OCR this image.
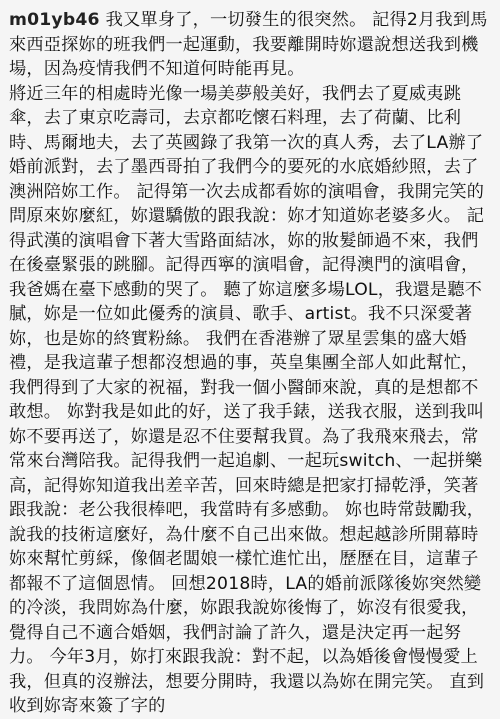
m01yb46 我又單身了，一切發生的很突然。 記得2月我到馬來西亞探妳的班我們一起運動，我要離開時妳還說想送我到機場，因為疫情我們不知道何時能再見。
將近三年的相處時光像一場美夢般美好，我們去了夏威夷跳傘，去了東京吃壽司，去京都吃懷石料理，去了荷蘭、比利時、馬爾地夫，去了英國錄了我第一次的真人秀，去了LA辦了婚前派對，去了墨西哥拍了我們今的要死的水底婚紗照，去了澳洲陪妳工作。 記得第一次去成都看妳的演唱會，我開完笑的問原來妳麼紅，妳還驕傲的跟我說：妳才知道妳老婆多火。 記得武漢的演唱會下著大雪路面結冰，妳的妝髮師過不來，我們在後臺緊張的跳腳。記得西寧的演唱會，記得澳門的演唱會，我爸媽在臺下感動的哭了。 聽了妳這麼多場LOL，我還是聽不膩，妳是一位如此優秀的演員、歌手、artist。我不只深愛著妳，也是妳的終實粉絲。 我們在香港辦了眾星雲集的盛大婚禮，是我這輩子想都沒想過的事，英皇集團全部人如此幫忙，我們得到了大家的祝福，對我一個小醫師來說，真的是想都不敢想。 妳對我是如此的好，送了我手錶，送我衣服，送到我叫妳不要再送了，妳還是忍不住要幫我買。為了我飛來飛去，常常來台灣陪我。記得我們一起追劇、一起玩switch、一起拼樂高，記得妳知道我出差辛苦，回來時總是把家打掃乾淨，笑著跟我說：老公我很棒吧，我當時有多感動。 妳也時常鼓勵我，說我的技術這麼好，為什麼不自己出來做。想起越診所開幕時妳來幫忙剪綵，像個老闆娘一樣忙進忙出，歷歷在目，這輩子都報不了這個恩情。 回想2018時，LA的婚前派隊後妳突然變的冷淡，我問妳為什麼，妳跟我說妳後悔了，妳沒有很愛我，覺得自己不適合婚姻，我們討論了許久，還是決定再一起努力。 今年3月，妳打來跟我說：對不起，以為婚後會慢慢愛上我，但真的沒辦法，想要分開時，我還以為妳在開完笑。 直到收到妳寄來簽了字的
